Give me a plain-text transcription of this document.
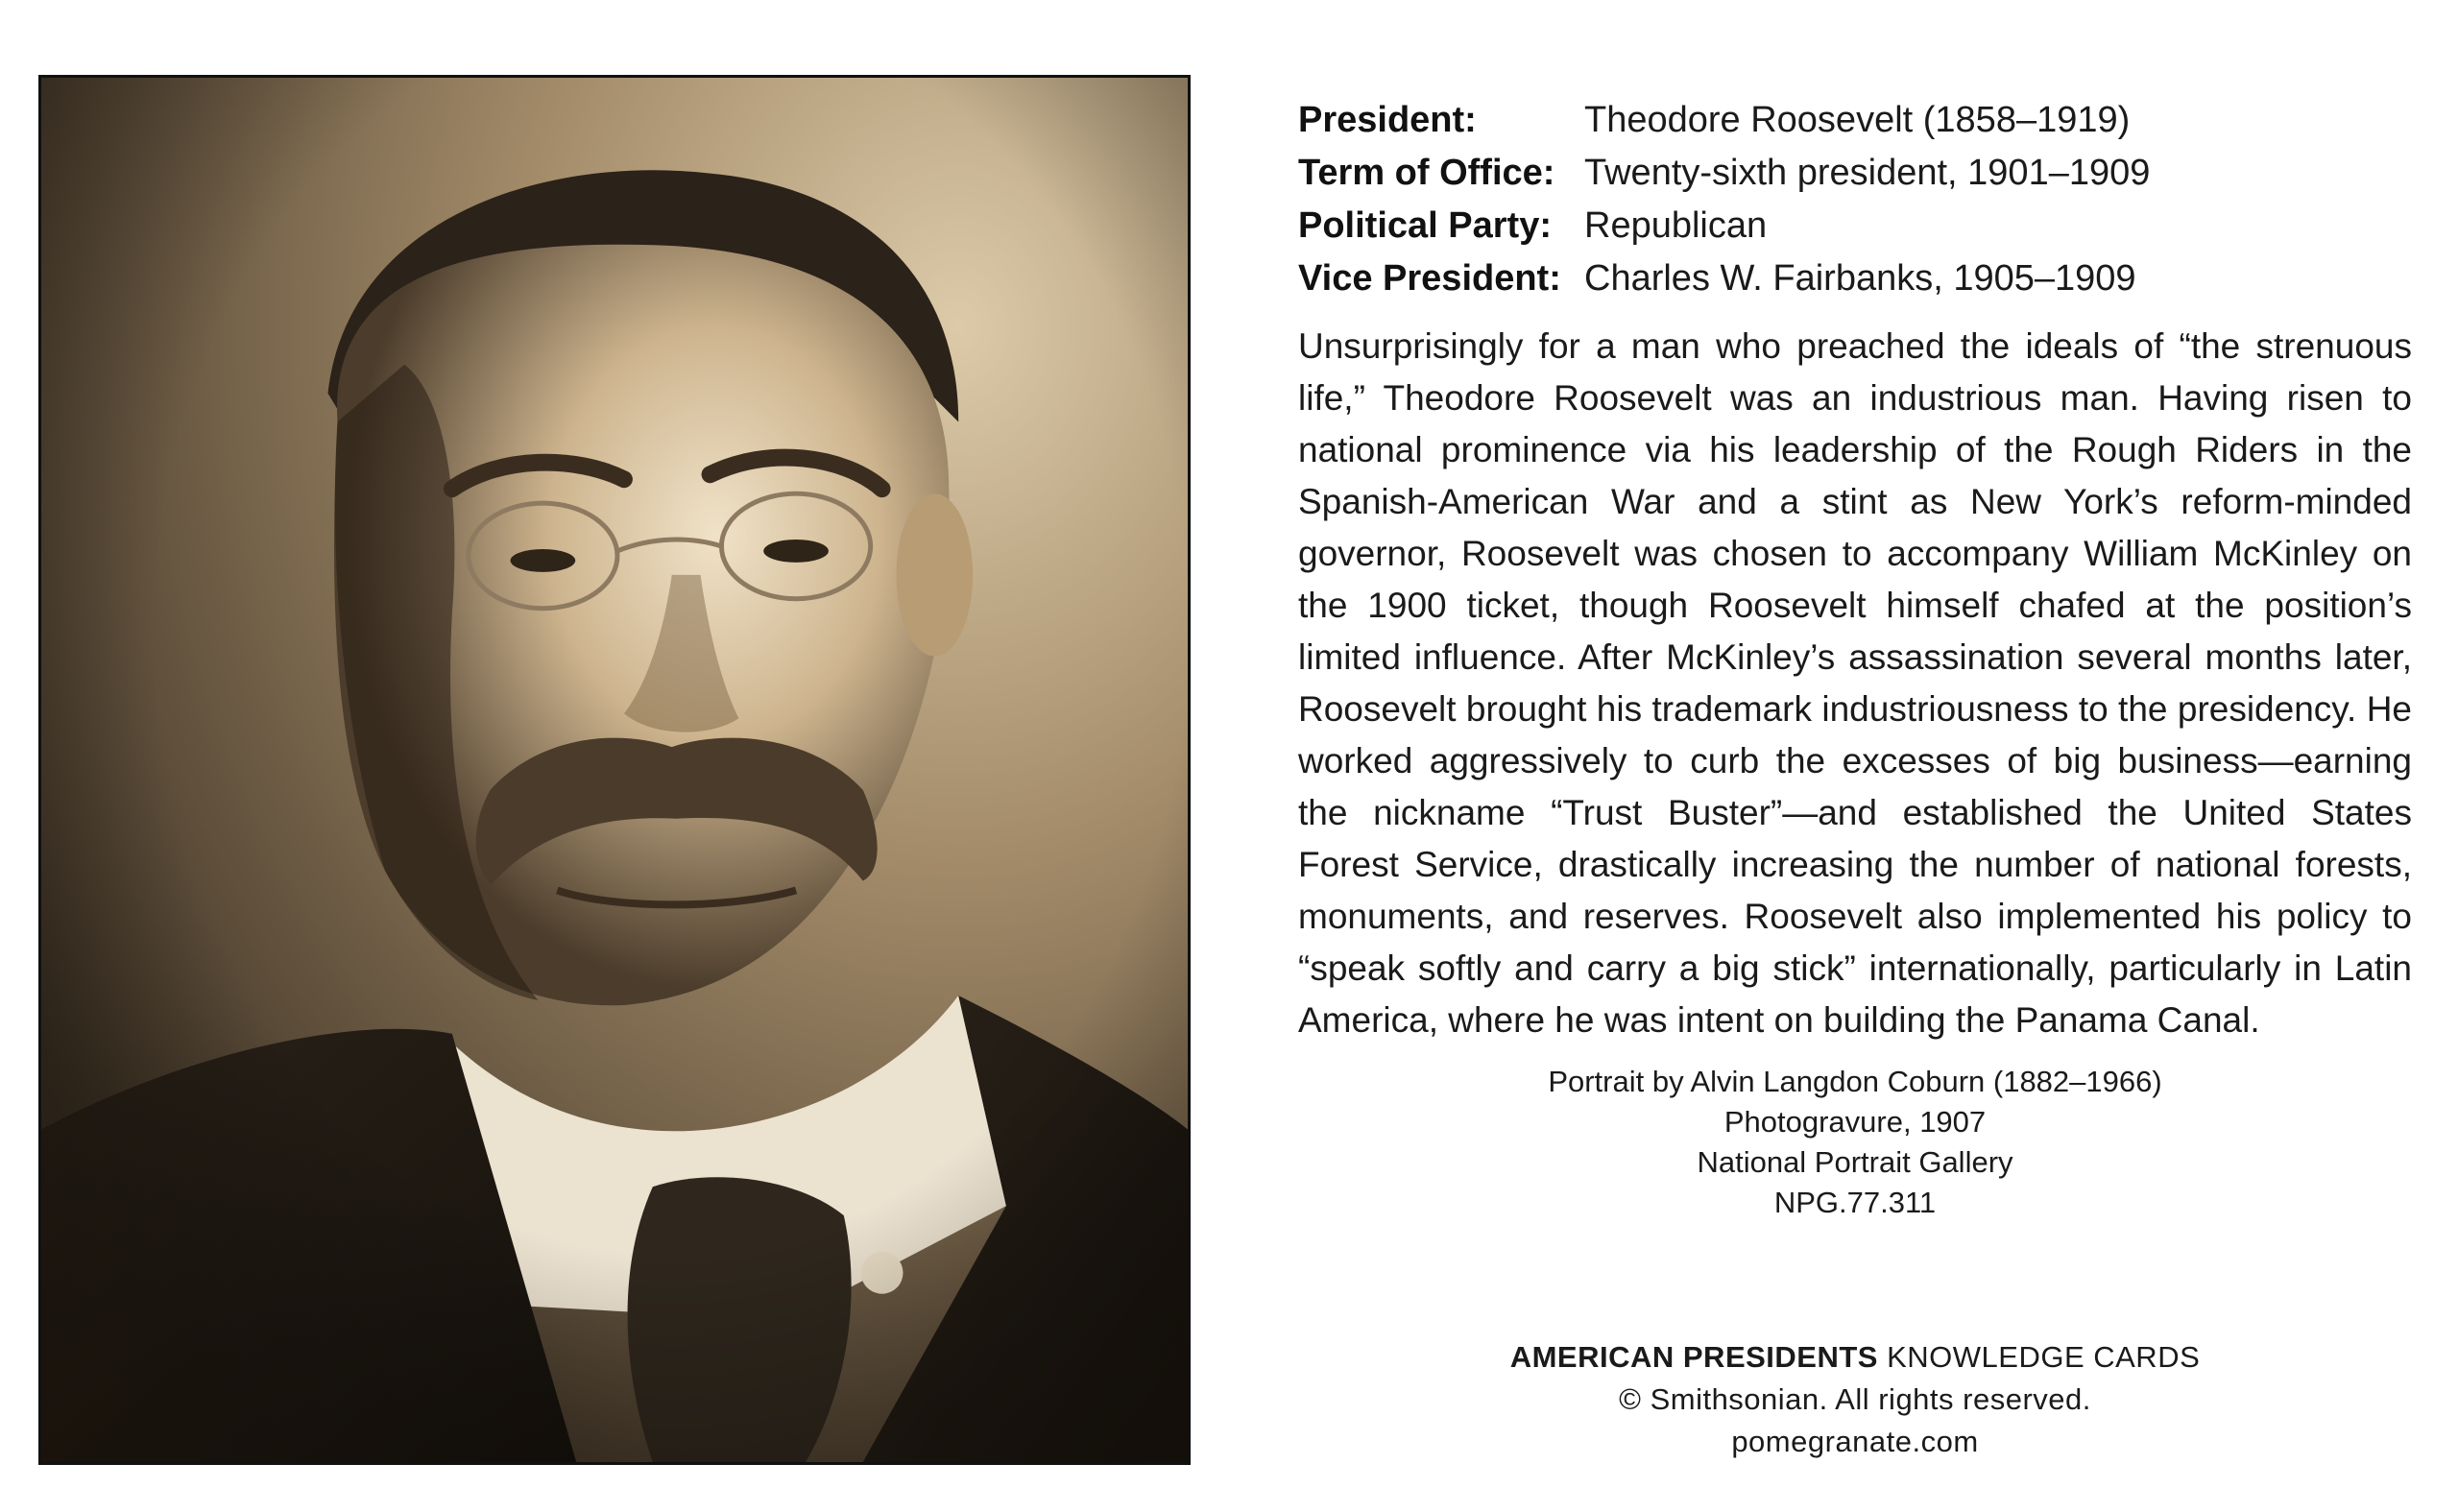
President:	Theodore Roosevelt (1858–1919)
Term of Office: Twenty-sixth president, 1901–1909
Political Party: Republican
Vice President: Charles W. Fairbanks, 1905–1909

Unsurprisingly for a man who preached the ideals of “the strenuous life,” Theodore Roosevelt was an industrious man. Having risen to national prominence via his leadership of the Rough Riders in the Spanish-American War and a stint as New York’s reform-minded governor, Roosevelt was chosen to accompany William McKinley on the 1900 ticket, though Roosevelt himself chafed at the position’s limited influence. After McKinley’s assassination several months later, Roosevelt brought his trademark industriousness to the presidency. He worked aggressively to curb the excesses of big business—earning the nickname “Trust Buster”—and established the United States Forest Service, drastically increasing the number of national forests, monuments, and reserves. Roosevelt also implemented his policy to “speak softly and carry a big stick” internationally, particularly in Latin America, where he was intent on building the Panama Canal.

Portrait by Alvin Langdon Coburn (1882–1966)
Photogravure, 1907
National Portrait Gallery
NPG.77.311
AMERICAN PRESIDENTS KNOWLEDGE CARDS
© Smithsonian. All rights reserved.
pomegranate.com
